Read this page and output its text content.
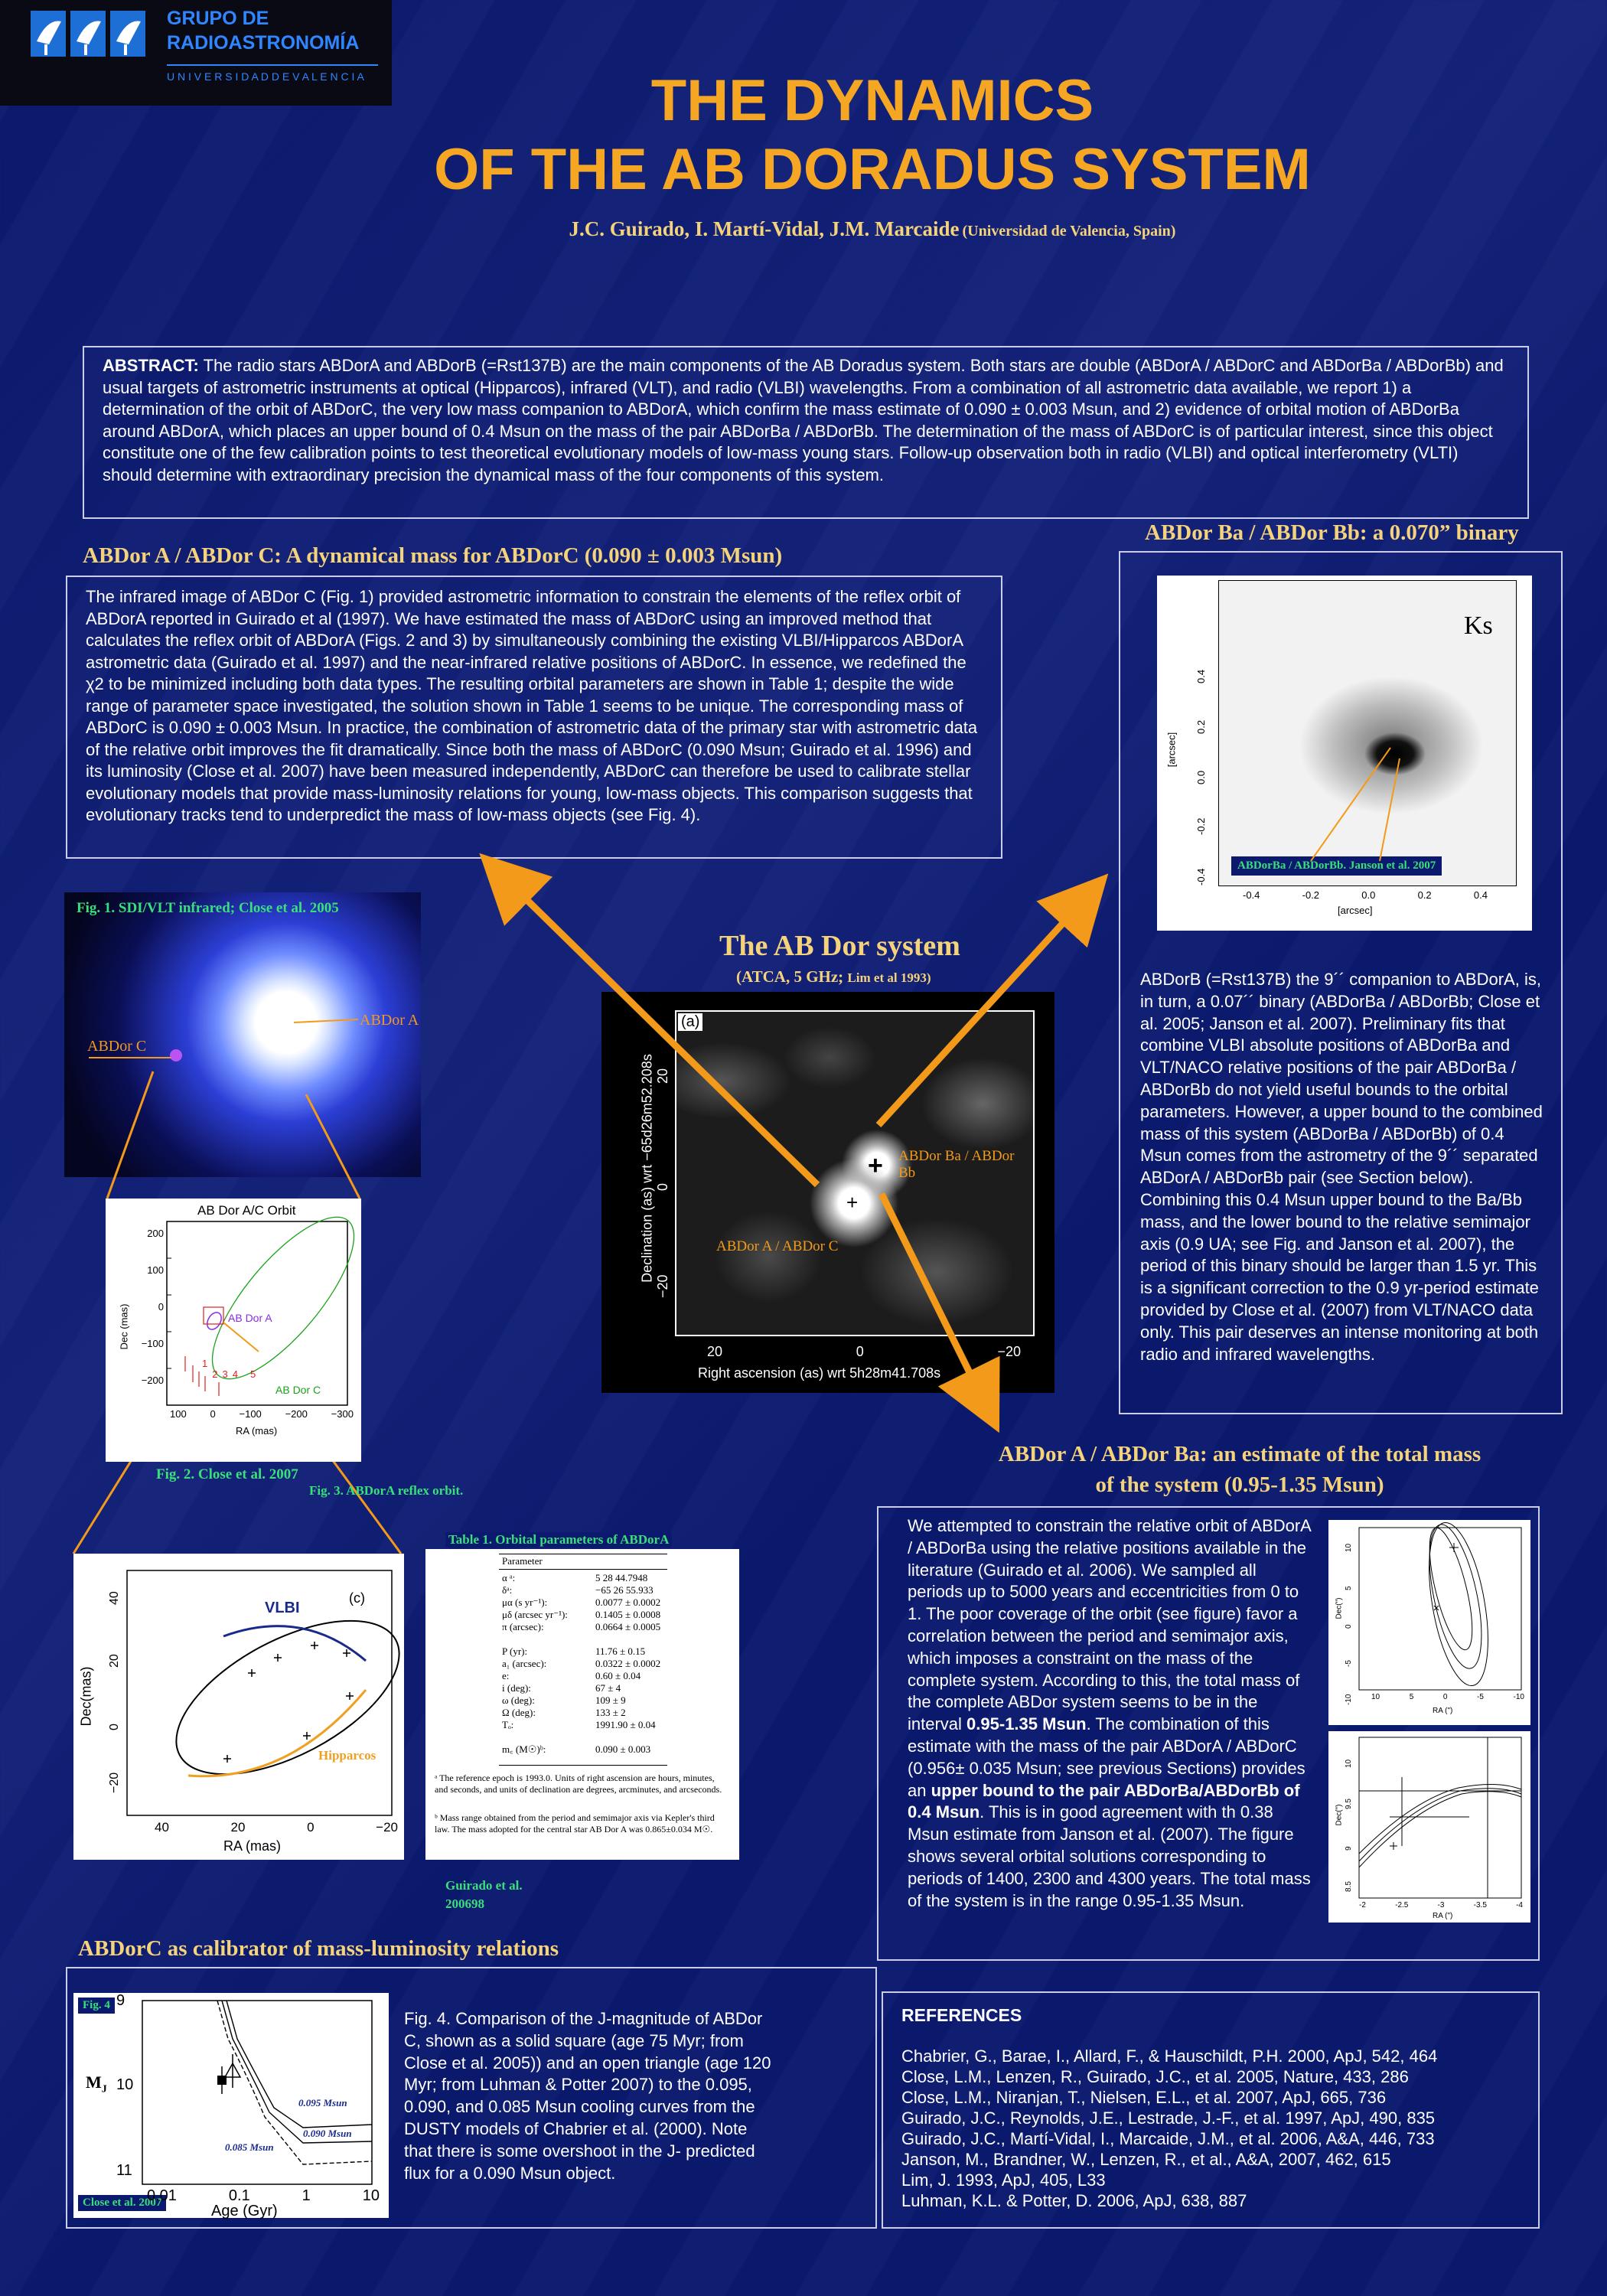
GRUPO DE
RADIOASTRONOMÍA
U N I V E R S I D A D D E V A L E N C I A	THE DYNAMICS
OF THE AB DORADUS SYSTEM
J.C. Guirado, I. Martí-Vidal, J.M. Marcaide (Universidad de Valencia, Spain)
ABSTRACT: The radio stars ABDorA and ABDorB (=Rst137B) are the main components of the AB Doradus system. Both stars are double (ABDorA / ABDorC and ABDorBa / ABDorBb) and usual targets of astrometric instruments at optical (Hipparcos), infrared (VLT), and radio (VLBI) wavelengths. From a combination of all astrometric data available, we report 1) a determination of the orbit of ABDorC, the very low mass companion to ABDorA, which confirm the mass estimate of 0.090 ± 0.003 Msun, and 2) evidence of orbital motion of ABDorBa around ABDorA, which places an upper bound of 0.4 Msun on the mass of the pair ABDorBa / ABDorBb. The determination of the mass of ABDorC is of particular interest, since this object constitute one of the few calibration points to test theoretical evolutionary models of low-mass young stars. Follow-up observation both in radio (VLBI) and optical interferometry (VLTI) should determine with extraordinary precision the dynamical mass of the four components of this system.
ABDor A / ABDor C: A dynamical mass for ABDorC (0.090 ± 0.003 Msun)
The infrared image of ABDor C (Fig. 1) provided astrometric information to constrain the elements of the reflex orbit of ABDorA reported in Guirado et al (1997). We have estimated the mass of ABDorC using an improved method that calculates the reflex orbit of ABDorA (Figs. 2 and 3) by simultaneously combining the existing VLBI/Hipparcos ABDorA astrometric data (Guirado et al. 1997) and the near-infrared relative positions of ABDorC. In essence, we redefined the χ2 to be minimized including both data types. The resulting orbital parameters are shown in Table 1; despite the wide range of parameter space investigated, the solution shown in Table 1 seems to be unique. The corresponding mass of ABDorC is 0.090 ± 0.003 Msun. In practice, the combination of astrometric data of the primary star with astrometric data of the relative orbit improves the fit dramatically. Since both the mass of ABDorC (0.090 Msun; Guirado et al. 1996) and its luminosity (Close et al. 2007) have been measured independently, ABDorC can therefore be used to calibrate stellar evolutionary models that provide mass-luminosity relations for young, low-mass objects. This comparison suggests that evolutionary tracks tend to underpredict the mass of low-mass objects (see Fig. 4).
Fig. 1. SDI/VLT infrared; Close et al. 2005
ABDor A
ABDor C
AB Dor A/C Orbit
AB Dor A
AB Dor C
200
100
0
−100
−200
100 0 −100 −200 −300
1
2 3 4 5
RA (mas)
Dec (mas)
Fig. 2. Close et al. 2007
Fig. 3. ABDorA reflex orbit.
(c)
VLBI
Hipparcos
40
20
0
−20
40	20	0	−20
RA (mas)
Dec(mas)
Table 1. Orbital parameters of ABDorA
Parameter
α ᵃ:	5 28 44.7948
δᵃ:	−65 26 55.933
μα (s yr⁻¹):	0.0077 ± 0.0002
μδ (arcsec yr⁻¹):	0.1405 ± 0.0008
π (arcsec):	0.0664 ± 0.0005
P (yr):	11.76 ± 0.15
a₁ (arcsec):	0.0322 ± 0.0002
e:	0.60 ± 0.04
i (deg):	67 ± 4
ω (deg):	109 ± 9
Ω (deg):	133 ± 2
Tₒ:	1991.90 ± 0.04
m꜀ (M☉)ᵇ:	0.090 ± 0.003
ᵃ The reference epoch is 1993.0. Units of right ascension are hours, minutes, and seconds, and units of declination are degrees, arcminutes, and arcseconds.
ᵇ Mass range obtained from the period and semimajor axis via Kepler's third law. The mass adopted for the central star AB Dor A was 0.865±0.034 M☉.
Guirado et al. 200698
The AB Dor system
(ATCA, 5 GHz; Lim et al 1993)
(a)
+
+
ABDor Ba / ABDor Bb
ABDor A / ABDor C
Declination (as) wrt −65d26m52.208s 20
0
−20
20	0	−20
Right ascension (as) wrt 5h28m41.708s
ABDor Ba / ABDor Bb: a 0.070” binary
Ks
ABDorBa / ABDorBb. Janson et al. 2007
0.4
0.2
0.0
-0.2
-0.4
[arcsec]
-0.4	-0.2	0.0	0.2	0.4
[arcsec]
ABDorB (=Rst137B) the 9´´ companion to ABDorA, is, in turn, a 0.07´´ binary (ABDorBa / ABDorBb; Close et al. 2005; Janson et al. 2007). Preliminary fits that combine VLBI absolute positions of ABDorBa and VLT/NACO relative positions of the pair ABDorBa / ABDorBb do not yield useful bounds to the orbital parameters. However, a upper bound to the combined mass of this system (ABDorBa / ABDorBb) of 0.4 Msun comes from the astrometry of the 9´´ separated ABDorA / ABDorBb pair (see Section below). Combining this 0.4 Msun upper bound to the Ba/Bb mass, and the lower bound to the relative semimajor axis (0.9 UA; see Fig. and Janson et al. 2007), the period of this binary should be larger than 1.5 yr. This is a significant correction to the 0.9 yr-period estimate provided by Close et al. (2007) from VLT/NACO data only. This pair deserves an intense monitoring at both radio and infrared wavelengths.
ABDor A / ABDor Ba: an estimate of the total mass
of the system (0.95-1.35 Msun)
We attempted to constrain the relative orbit of ABDorA / ABDorBa using the relative positions available in the literature (Guirado et al. 2006). We sampled all periods up to 5000 years and eccentricities from 0 to 1. The poor coverage of the orbit (see figure) favor a correlation between the period and semimajor axis, which imposes a constraint on the mass of the complete system. According to this, the total mass of the complete ABDor system seems to be in the interval 0.95-1.35 Msun. The combination of this estimate with the mass of the pair ABDorA / ABDorC (0.956± 0.035 Msun; see previous Sections) provides an upper bound to the pair ABDorBa/ABDorBb of 0.4 Msun. This is in good agreement with th 0.38 Msun estimate from Janson et al. (2007). The figure shows several orbital solutions corresponding to periods of 1400, 2300 and 4300 years. The total mass of the system is in the range 0.95-1.35 Msun.
10
5
0
-5
-10
Dec(")
10	5	0	-5	-10
RA (")
10
9.5
9
8.5
Dec(")
-2	-2.5	-3	-3.5	-4
RA (")
ABDorC as calibrator of mass-luminosity relations
Fig. 4
Close et al. 2007
$M_J$
9
10
11
0.01	0.1	1	10
Age (Gyr)
0.095 Msun
0.090 Msun
0.085 Msun
Fig. 4. Comparison of the J-magnitude of ABDor C, shown as a solid square (age 75 Myr; from Close et al. 2005)) and an open triangle (age 120 Myr; from Luhman & Potter 2007) to the 0.095, 0.090, and 0.085 Msun cooling curves from the DUSTY models of Chabrier et al. (2000). Note that there is some overshoot in the J- predicted flux for a 0.090 Msun object.
REFERENCES
Chabrier, G., Barae, I., Allard, F., & Hauschildt, P.H. 2000, ApJ, 542, 464
Close, L.M., Lenzen, R., Guirado, J.C., et al. 2005, Nature, 433, 286
Close, L.M., Niranjan, T., Nielsen, E.L., et al. 2007, ApJ, 665, 736
Guirado, J.C., Reynolds, J.E., Lestrade, J.-F., et al. 1997, ApJ, 490, 835
Guirado, J.C., Martí-Vidal, I., Marcaide, J.M., et al. 2006, A&A, 446, 733
Janson, M., Brandner, W., Lenzen, R., et al., A&A, 2007, 462, 615
Lim, J. 1993, ApJ, 405, L33
Luhman, K.L. & Potter, D. 2006, ApJ, 638, 887
